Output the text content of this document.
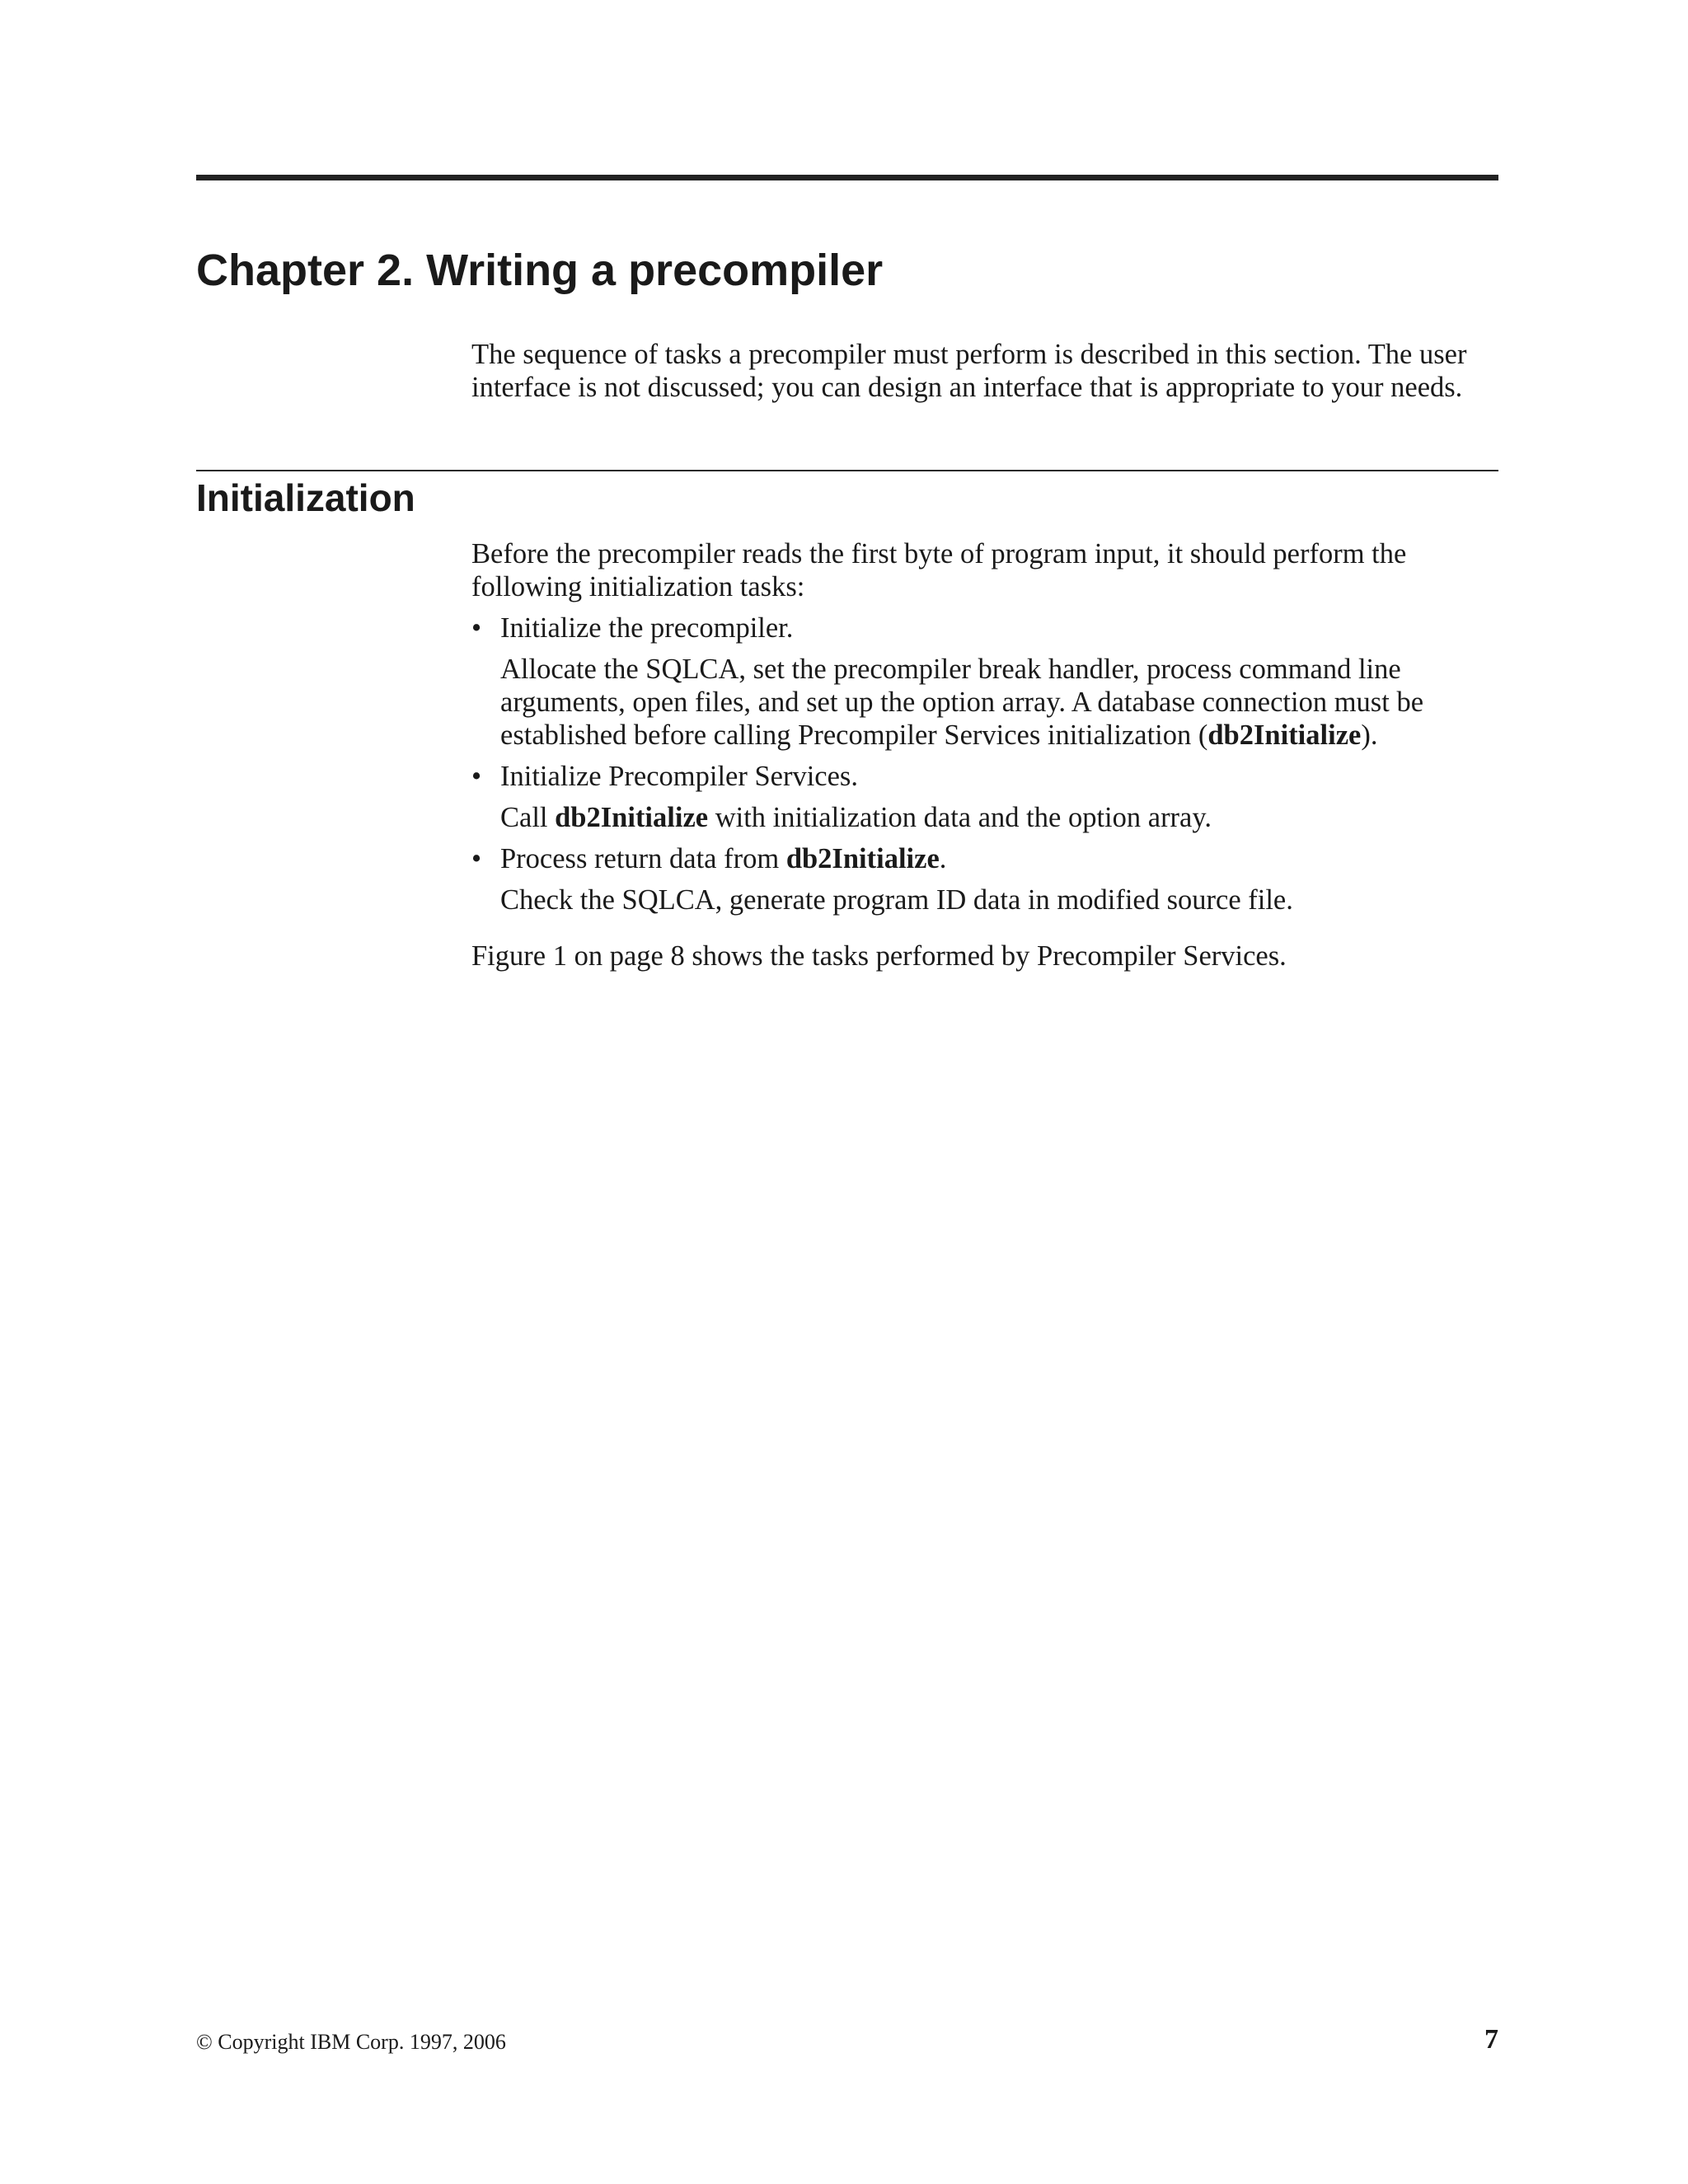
Chapter 2. Writing a precompiler

The sequence of tasks a precompiler must perform is described in this section. The user interface is not discussed; you can design an interface that is appropriate to your needs.

Initialization

Before the precompiler reads the first byte of program input, it should perform the following initialization tasks:

• Initialize the precompiler.

Allocate the SQLCA, set the precompiler break handler, process command line arguments, open files, and set up the option array. A database connection must be established before calling Precompiler Services initialization (db2Initialize).

• Initialize Precompiler Services.

Call db2Initialize with initialization data and the option array.

• Process return data from db2Initialize.

Check the SQLCA, generate program ID data in modified source file.

Figure 1 on page 8 shows the tasks performed by Precompiler Services.

© Copyright IBM Corp. 1997, 2006	7
